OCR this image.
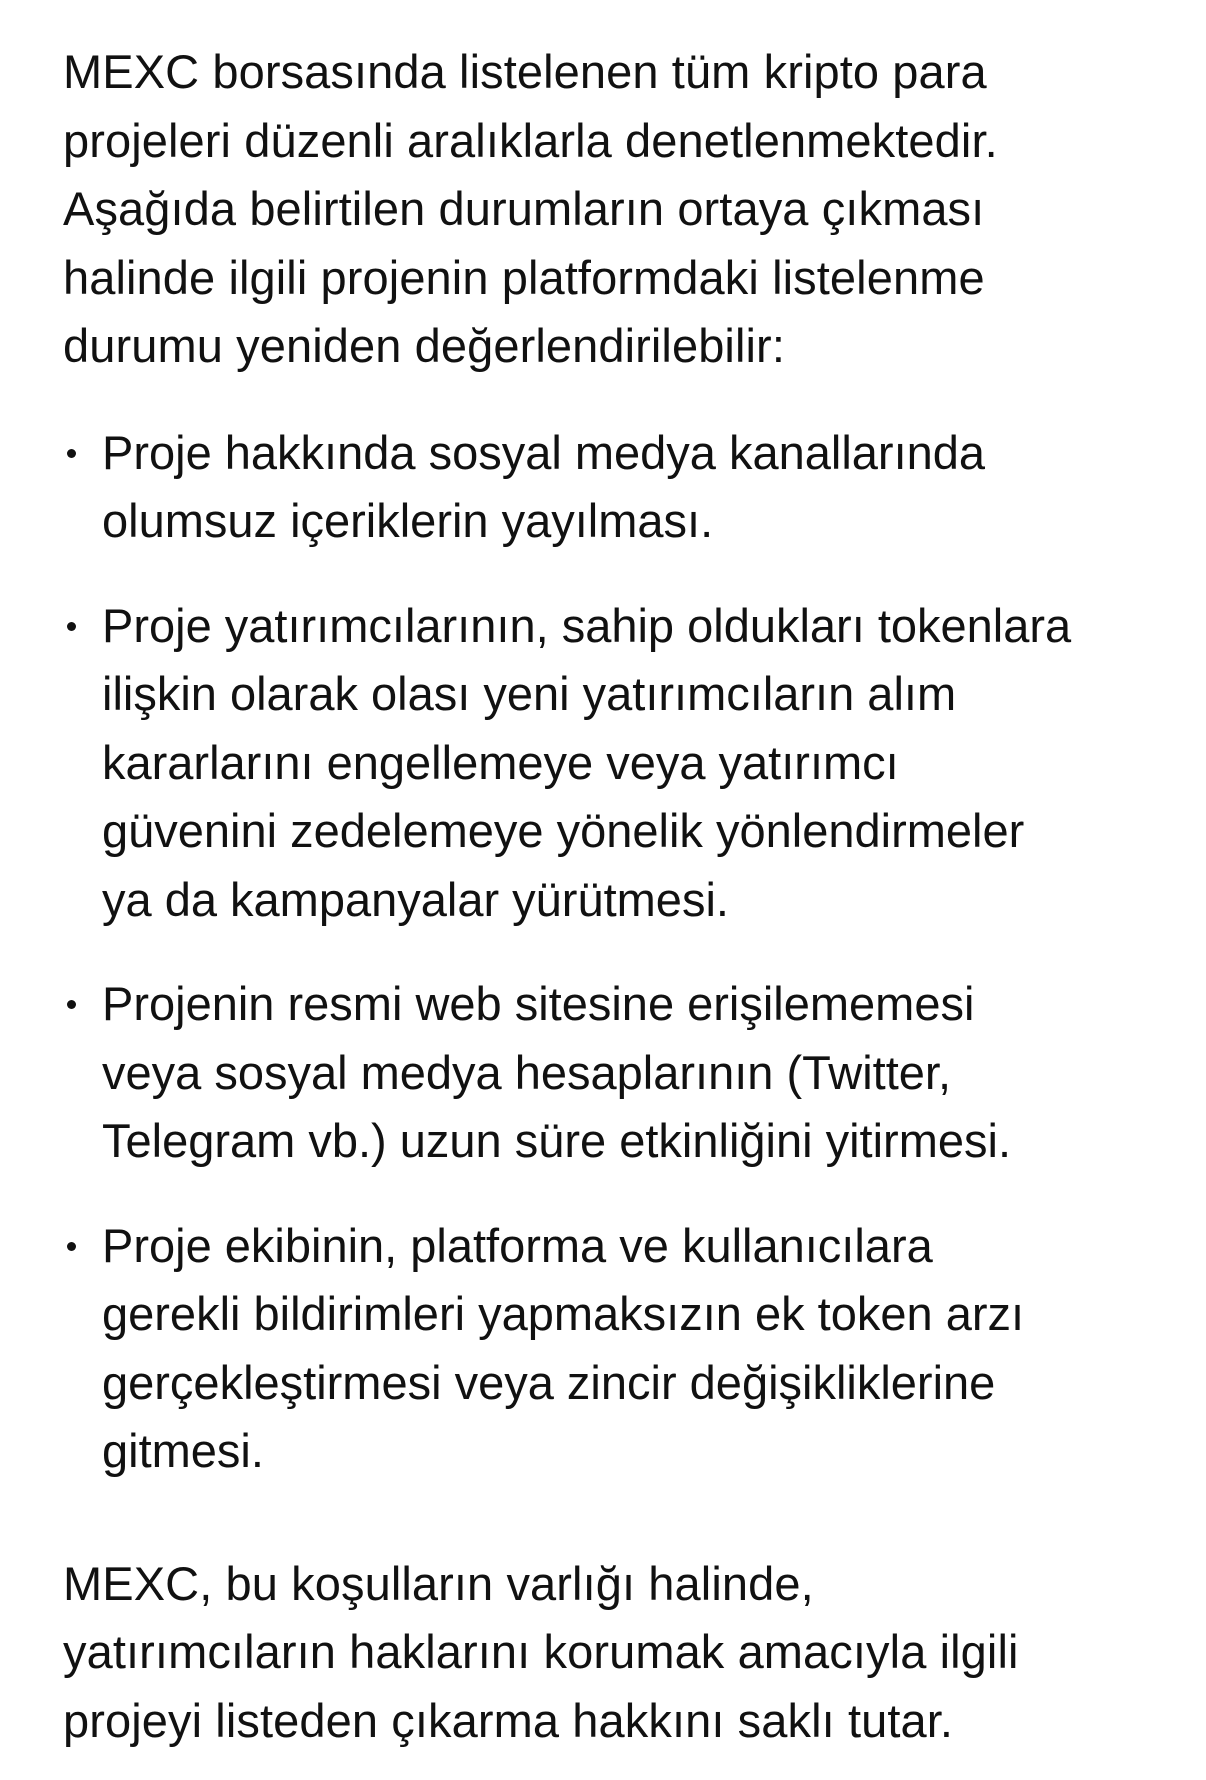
MEXC borsasında listelenen tüm kripto para
projeleri düzenli aralıklarla denetlenmektedir.
Aşağıda belirtilen durumların ortaya çıkması
halinde ilgili projenin platformdaki listelenme
durumu yeniden değerlendirilebilir:

Proje hakkında sosyal medya kanallarında
olumsuz içeriklerin yayılması.
Proje yatırımcılarının, sahip oldukları tokenlara
ilişkin olarak olası yeni yatırımcıların alım
kararlarını engellemeye veya yatırımcı
güvenini zedelemeye yönelik yönlendirmeler
ya da kampanyalar yürütmesi.
Projenin resmi web sitesine erişilememesi
veya sosyal medya hesaplarının (Twitter,
Telegram vb.) uzun süre etkinliğini yitirmesi.
Proje ekibinin, platforma ve kullanıcılara
gerekli bildirimleri yapmaksızın ek token arzı
gerçekleştirmesi veya zincir değişikliklerine
gitmesi.

MEXC, bu koşulların varlığı halinde,
yatırımcıların haklarını korumak amacıyla ilgili
projeyi listeden çıkarma hakkını saklı tutar.
